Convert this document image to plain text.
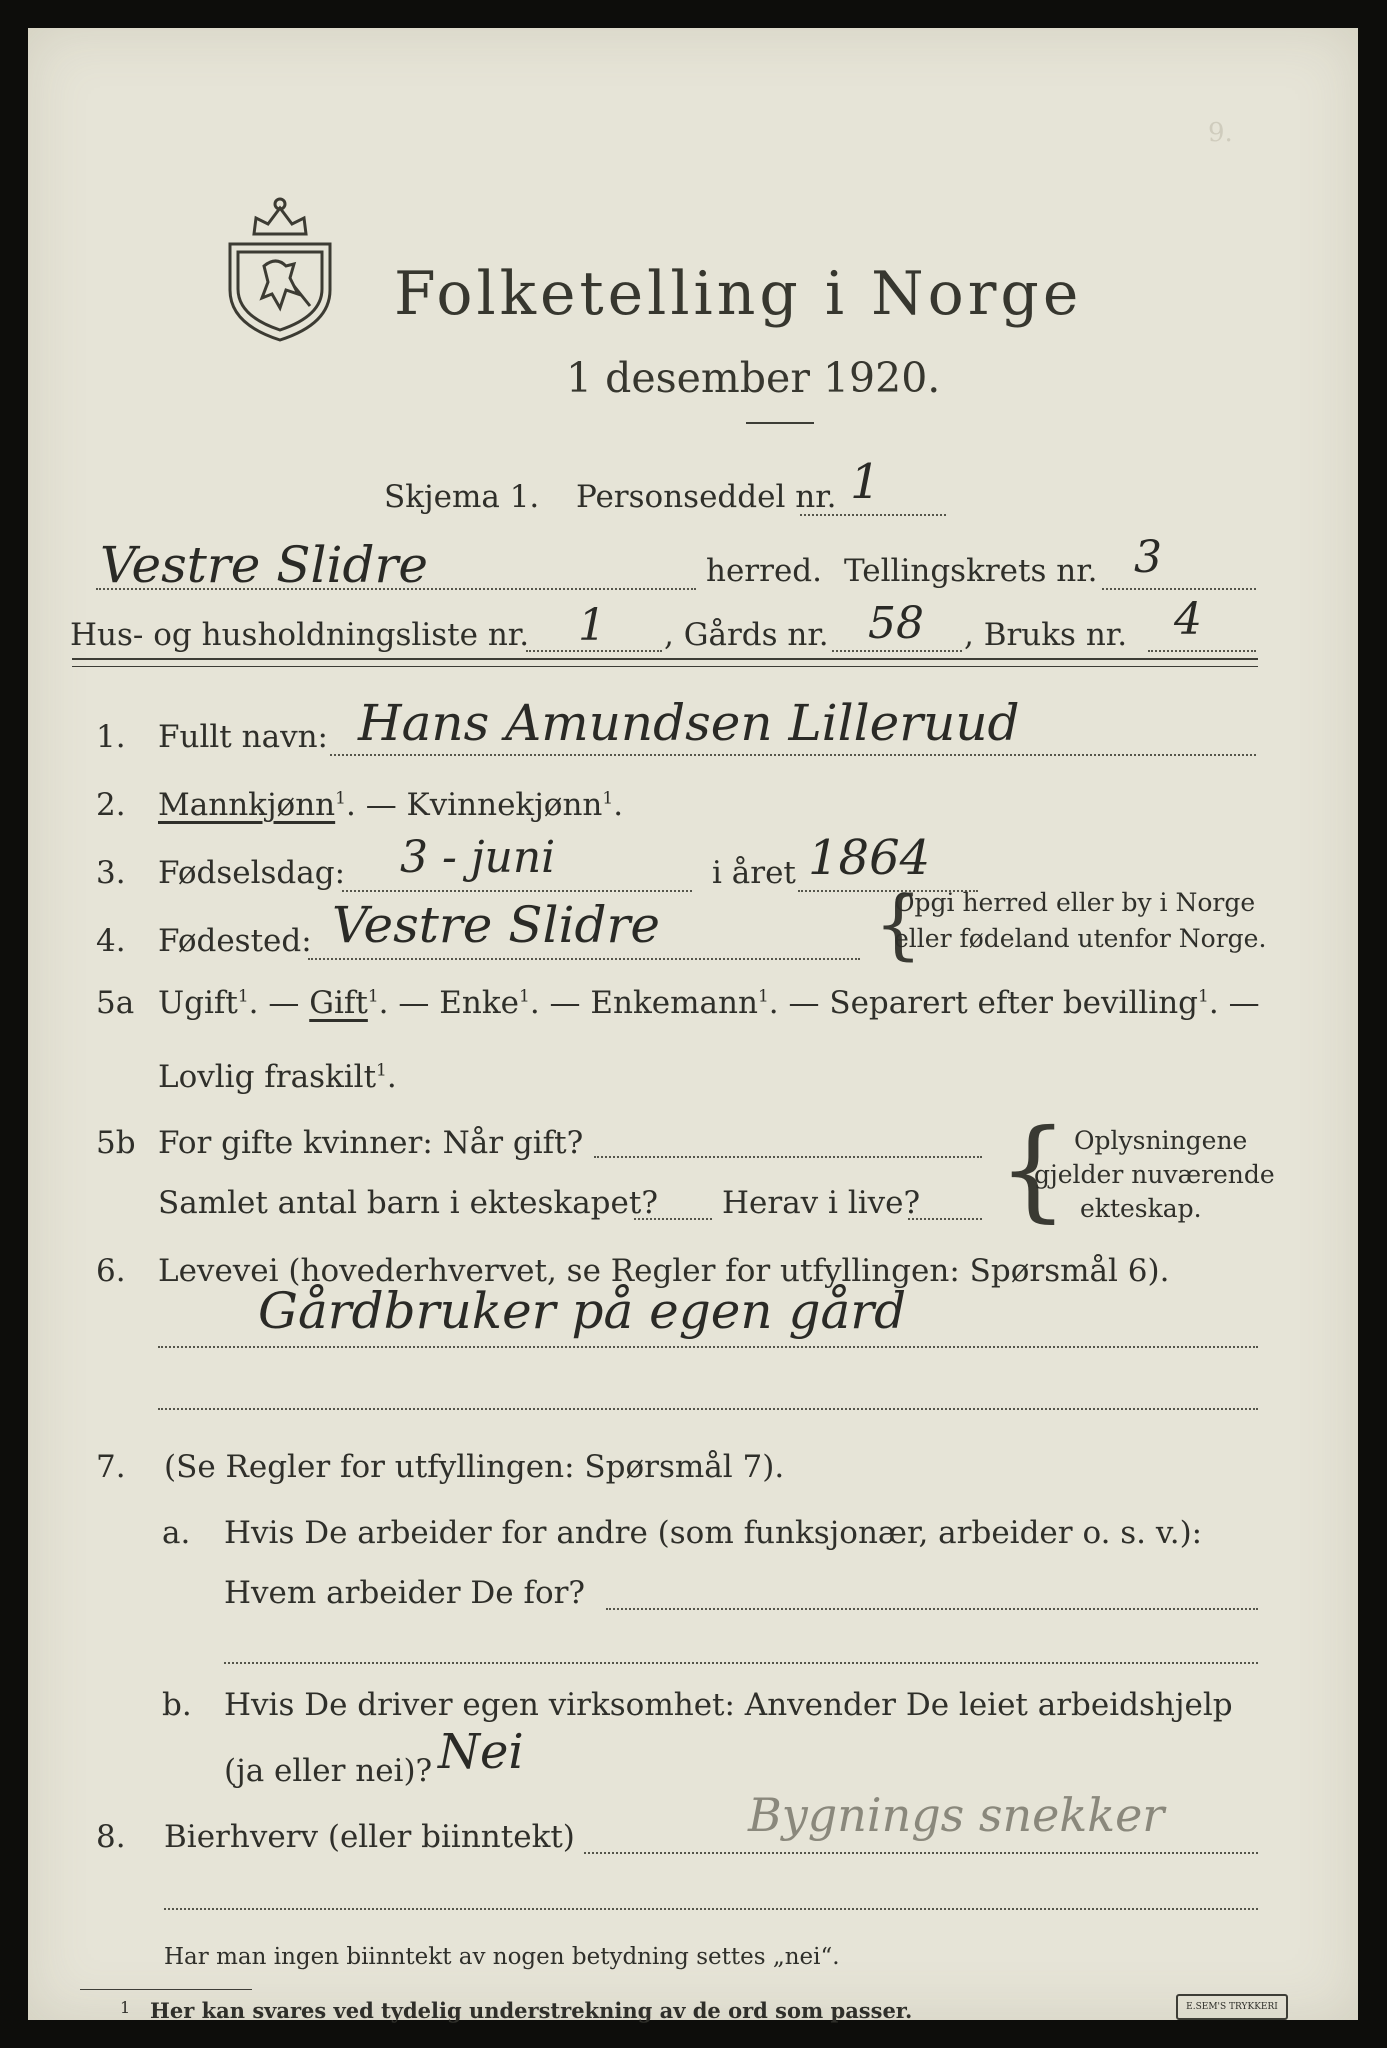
9.
Folketelling i Norge
1 desember 1920.
Skjema 1. Personseddel nr. 1
Vestre Slidre	herred. Tellingskrets nr. 3
Hus- og husholdningsliste nr. 1 , Gårds nr. 58 , Bruks nr. 4
1. Fullt navn: Hans Amundsen Lilleruud
2. Mannkjønn$^1$. — Kvinnekjønn$^1$.
3. Fødselsdag: 3 - juni	i året 1864
4. Fødested: Vestre Slidre	{
Opgi herred eller by i Norge
eller fødeland utenfor Norge.
5a Ugift$^1$. — Gift$^1$. — Enke$^1$. — Enkemann$^1$. — Separert efter bevilling$^1$. —
Lovlig fraskilt$^1$.
5b For gifte kvinner: Når gift?
Samlet antal barn i ekteskapet? Herav i live? { Oplysningene
gjelder nuværende
ekteskap.
6. Levevei (hovederhvervet, se Regler for utfyllingen: Spørsmål 6).
Gårdbruker på egen gård
7. (Se Regler for utfyllingen: Spørsmål 7).
a. Hvis De arbeider for andre (som funksjonær, arbeider o. s. v.):
Hvem arbeider De for?
b. Hvis De driver egen virksomhet: Anvender De leiet arbeidshjelp
(ja eller nei)? Nei
8. Bierhverv (eller biinntekt)	Bygnings snekker
Har man ingen biinntekt av nogen betydning settes „nei“.
1 Her kan svares ved tydelig understrekning av de ord som passer.	E.SEM'S TRYKKERI
